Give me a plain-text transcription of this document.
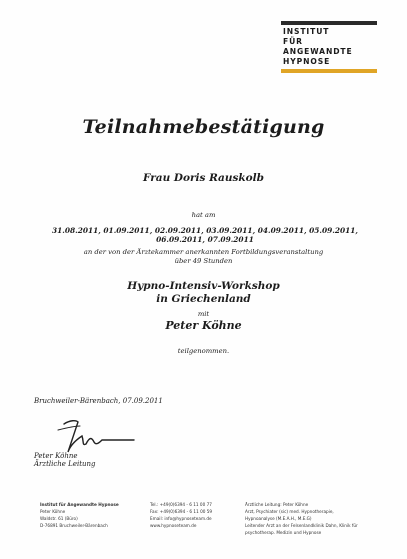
INSTITUT
FÜR
ANGEWANDTE
HYPNOSE
Teilnahmebestätigung
Frau Doris Rauskolb
hat am
31.08.2011, 01.09.2011, 02.09.2011, 03.09.2011, 04.09.2011, 05.09.2011, 06.09.2011, 07.09.2011
an der von der Ärztekammer anerkannten Fortbildungsveranstaltung
über 49 Stunden
Hypno-Intensiv-Workshop
in Griechenland
mit
Peter Köhne
teilgenommen.
Bruchweiler-Bärenbach, 07.09.2011
Peter Köhne
Ärztliche Leitung
Institut für Angewandte Hypnose
Peter Köhne
Waldstr. 61 (Büro)
D-76891 Bruchweiler-Bärenbach
Tel.: +49(0)6394 - 6 11 00 77
Fax: +49(0)6394 - 6 11 00 59
Email: info@hypnoseteam.de
www.hypnoseteam.de
Ärztliche Leitung: Peter Köhne
Arzt, Psychiater (sic) med. Hypnotherapie,
Hypnoanalyse (M.E.A.H., M.E.G)
Leitender Arzt an der Felsenlandklinik Dahn, Klinik für
psychotherap. Medizin und Hypnose
